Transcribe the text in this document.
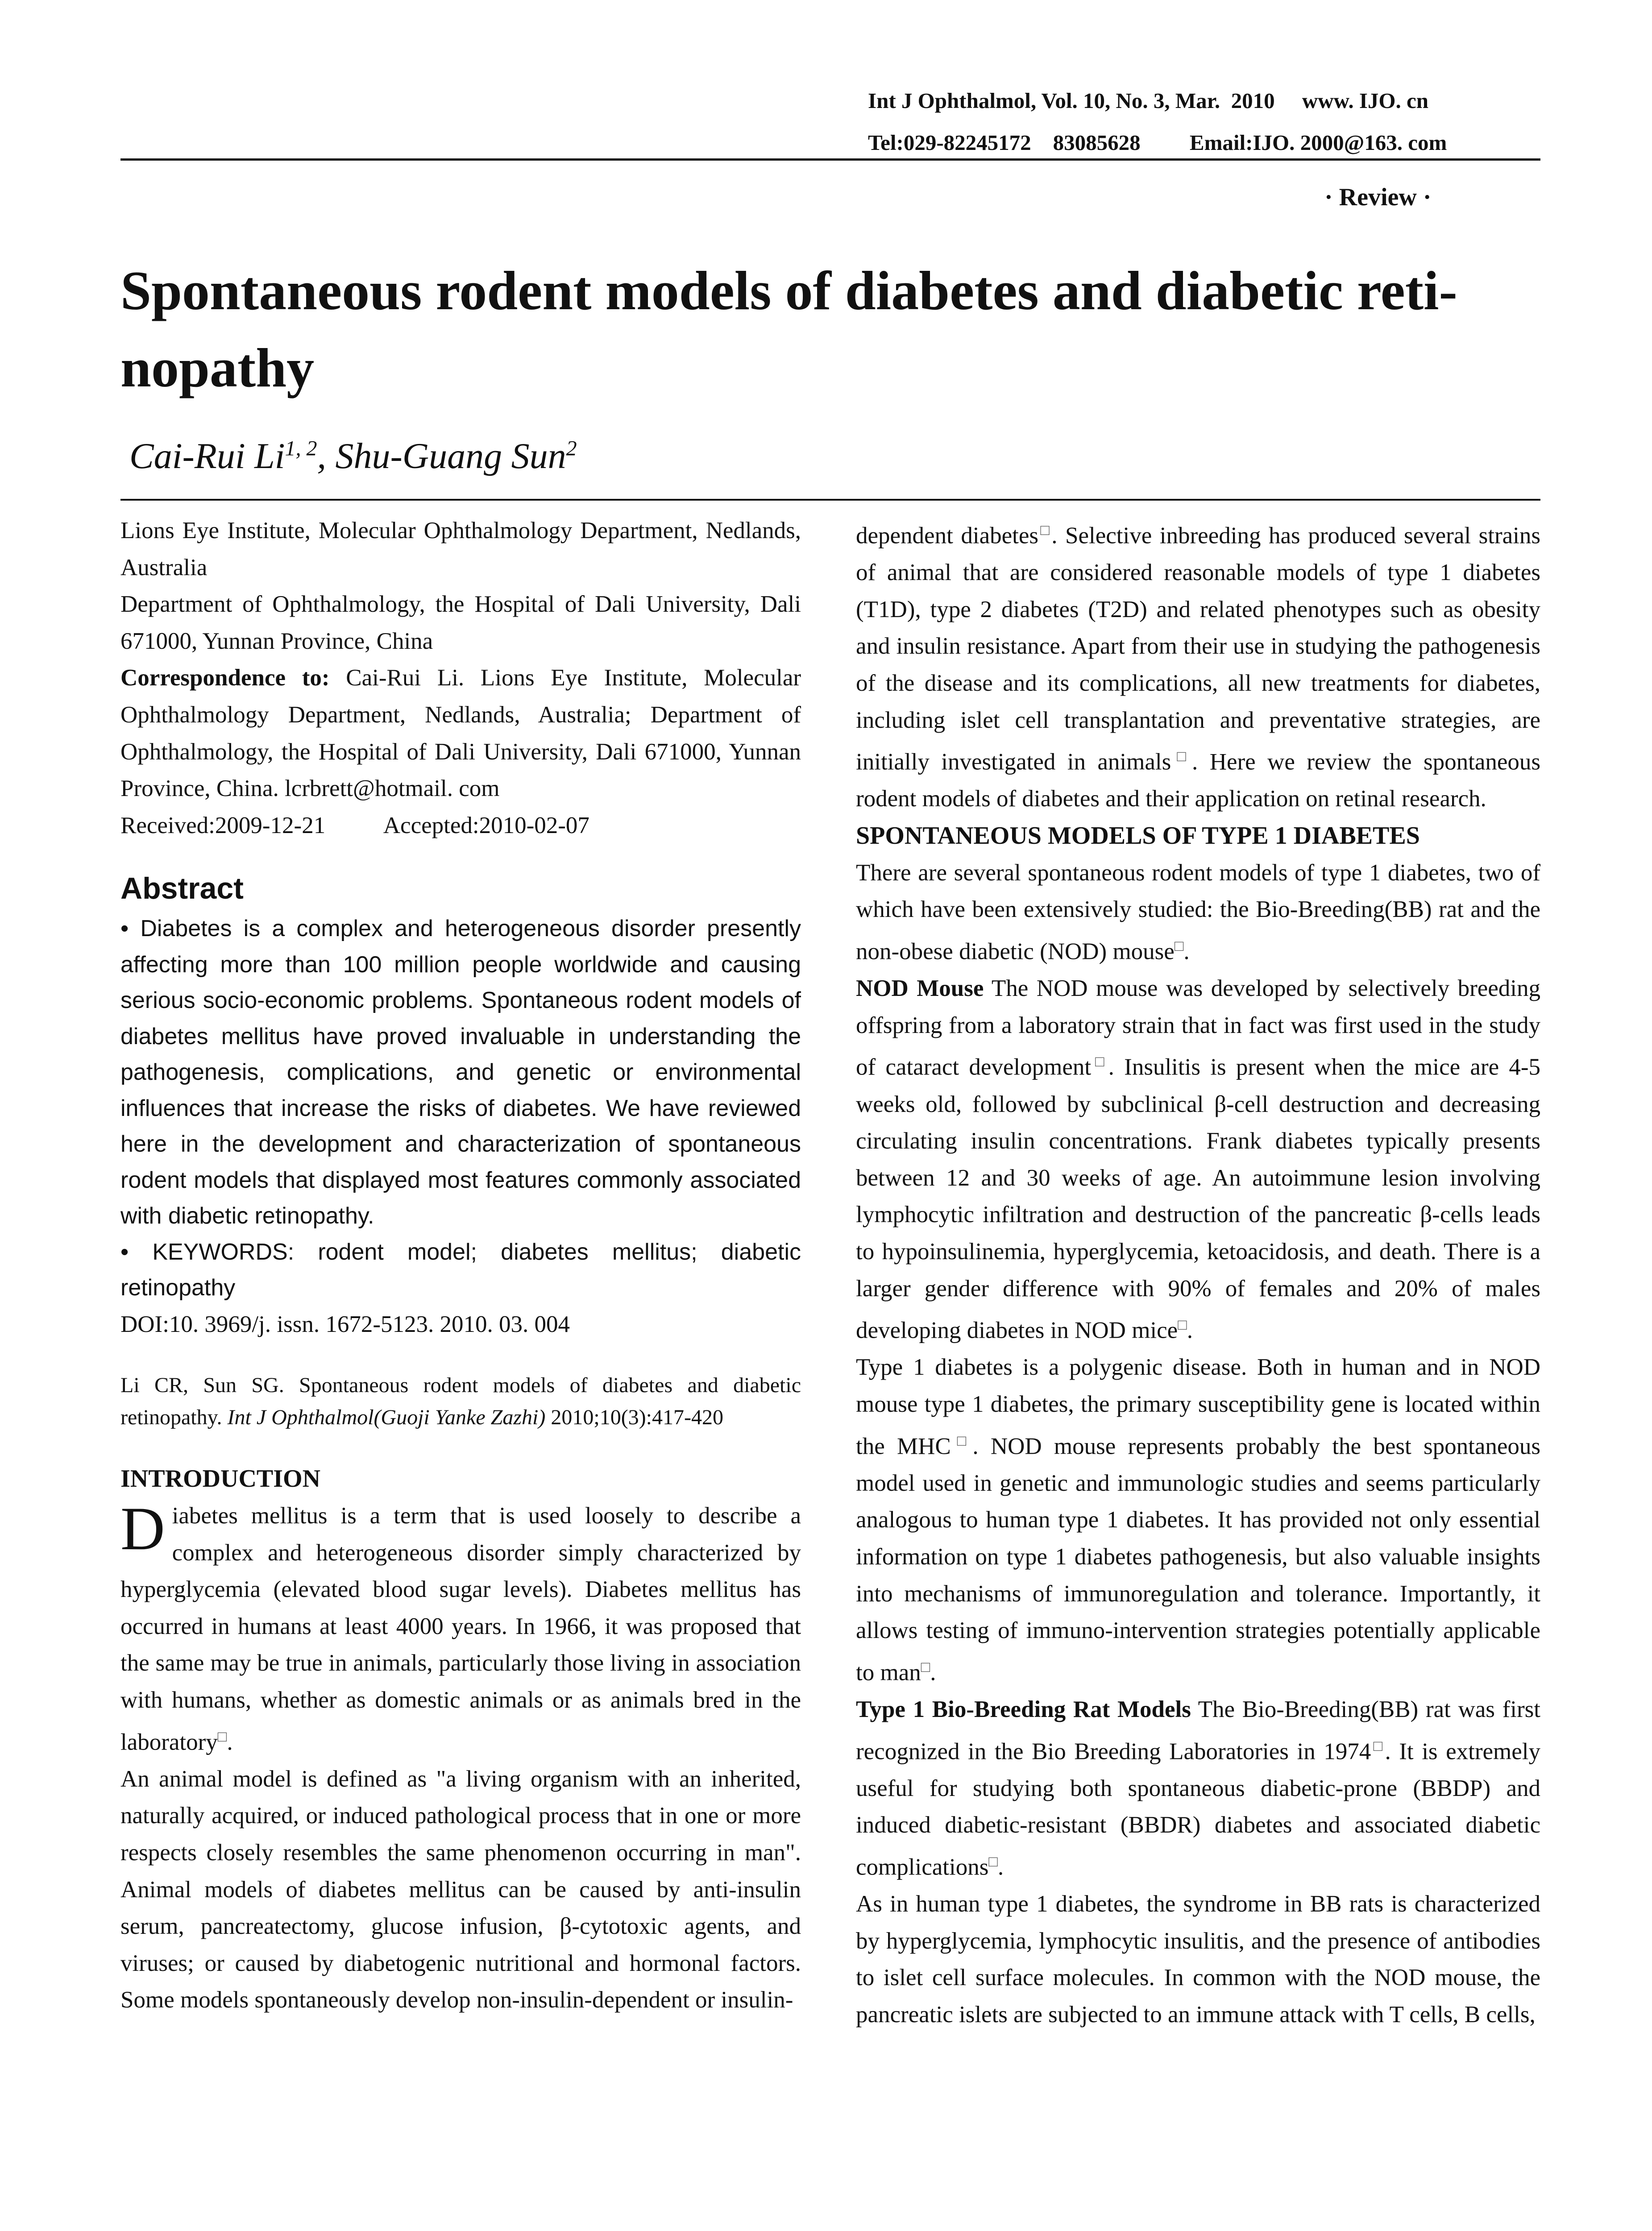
Int J Ophthalmol, Vol. 10, No. 3, Mar.  2010     www. IJO. cn
Tel:029-82245172    83085628         Email:IJO. 2000@163. com
· Review ·
Spontaneous rodent models of diabetes and diabetic reti-
nopathy
Cai-Rui Li$^{1, 2}$, Shu-Guang Sun$^2$

Lions Eye Institute, Molecular Ophthalmology Department, Nedlands, Australia

Department of Ophthalmology, the Hospital of Dali University, Dali 671000, Yunnan Province, China

Correspondence to: Cai-Rui Li. Lions Eye Institute, Molecular Ophthalmology Department, Nedlands, Australia; Department of Ophthalmology, the Hospital of Dali University, Dali 671000, Yunnan Province, China. lcrbrett@hotmail. com

Received:2009-12-21          Accepted:2010-02-07

Abstract

• Diabetes is a complex and heterogeneous disorder presently affecting more than 100 million people worldwide and causing serious socio-economic problems. Spontaneous rodent models of diabetes mellitus have proved invaluable in understanding the pathogenesis, complications, and genetic or environmental influences that increase the risks of diabetes. We have reviewed here in the development and characterization of spontaneous rodent models that displayed most features commonly associated with diabetic retinopathy.

• KEYWORDS: rodent model; diabetes mellitus; diabetic retinopathy

DOI:10. 3969/j. issn. 1672-5123. 2010. 03. 004

Li CR, Sun SG. Spontaneous rodent models of diabetes and diabetic retinopathy. Int J Ophthalmol(Guoji Yanke Zazhi) 2010;10(3):417-420

INTRODUCTION

Diabetes mellitus is a term that is used loosely to describe a complex and heterogeneous disorder simply characterized by hyperglycemia (elevated blood sugar levels). Diabetes mellitus has occurred in humans at least 4000 years. In 1966, it was proposed that the same may be true in animals, particularly those living in association with humans, whether as domestic animals or as animals bred in the laboratory□.

An animal model is defined as "a living organism with an inherited, naturally acquired, or induced pathological process that in one or more respects closely resembles the same phenomenon occurring in man". Animal models of diabetes mellitus can be caused by anti-insulin serum, pancreatectomy, glucose infusion, β-cytotoxic agents, and viruses; or caused by diabetogenic nutritional and hormonal factors. Some models spontaneously develop non-insulin-dependent or insulin-

dependent diabetes□. Selective inbreeding has produced several strains of animal that are considered reasonable models of type 1 diabetes (T1D), type 2 diabetes (T2D) and related phenotypes such as obesity and insulin resistance. Apart from their use in studying the pathogenesis of the disease and its complications, all new treatments for diabetes, including islet cell transplantation and preventative strategies, are initially investigated in animals□. Here we review the spontaneous rodent models of diabetes and their application on retinal research.

SPONTANEOUS MODELS OF TYPE 1 DIABETES

There are several spontaneous rodent models of type 1 diabetes, two of which have been extensively studied: the Bio-Breeding(BB) rat and the non-obese diabetic (NOD) mouse□.

NOD Mouse The NOD mouse was developed by selectively breeding offspring from a laboratory strain that in fact was first used in the study of cataract development□. Insulitis is present when the mice are 4-5 weeks old, followed by subclinical β-cell destruction and decreasing circulating insulin concentrations. Frank diabetes typically presents between 12 and 30 weeks of age. An autoimmune lesion involving lymphocytic infiltration and destruction of the pancreatic β-cells leads to hypoinsulinemia, hyperglycemia, ketoacidosis, and death. There is a larger gender difference with 90% of females and 20% of males developing diabetes in NOD mice□.

Type 1 diabetes is a polygenic disease. Both in human and in NOD mouse type 1 diabetes, the primary susceptibility gene is located within the MHC□. NOD mouse represents probably the best spontaneous model used in genetic and immunologic studies and seems particularly analogous to human type 1 diabetes. It has provided not only essential information on type 1 diabetes pathogenesis, but also valuable insights into mechanisms of immunoregulation and tolerance. Importantly, it allows testing of immuno-intervention strategies potentially applicable to man□.

Type 1 Bio-Breeding Rat Models The Bio-Breeding(BB) rat was first recognized in the Bio Breeding Laboratories in 1974□. It is extremely useful for studying both spontaneous diabetic-prone (BBDP) and induced diabetic-resistant (BBDR) diabetes and associated diabetic complications□.

As in human type 1 diabetes, the syndrome in BB rats is characterized by hyperglycemia, lymphocytic insulitis, and the presence of antibodies to islet cell surface molecules. In common with the NOD mouse, the pancreatic islets are subjected to an immune attack with T cells, B cells,
